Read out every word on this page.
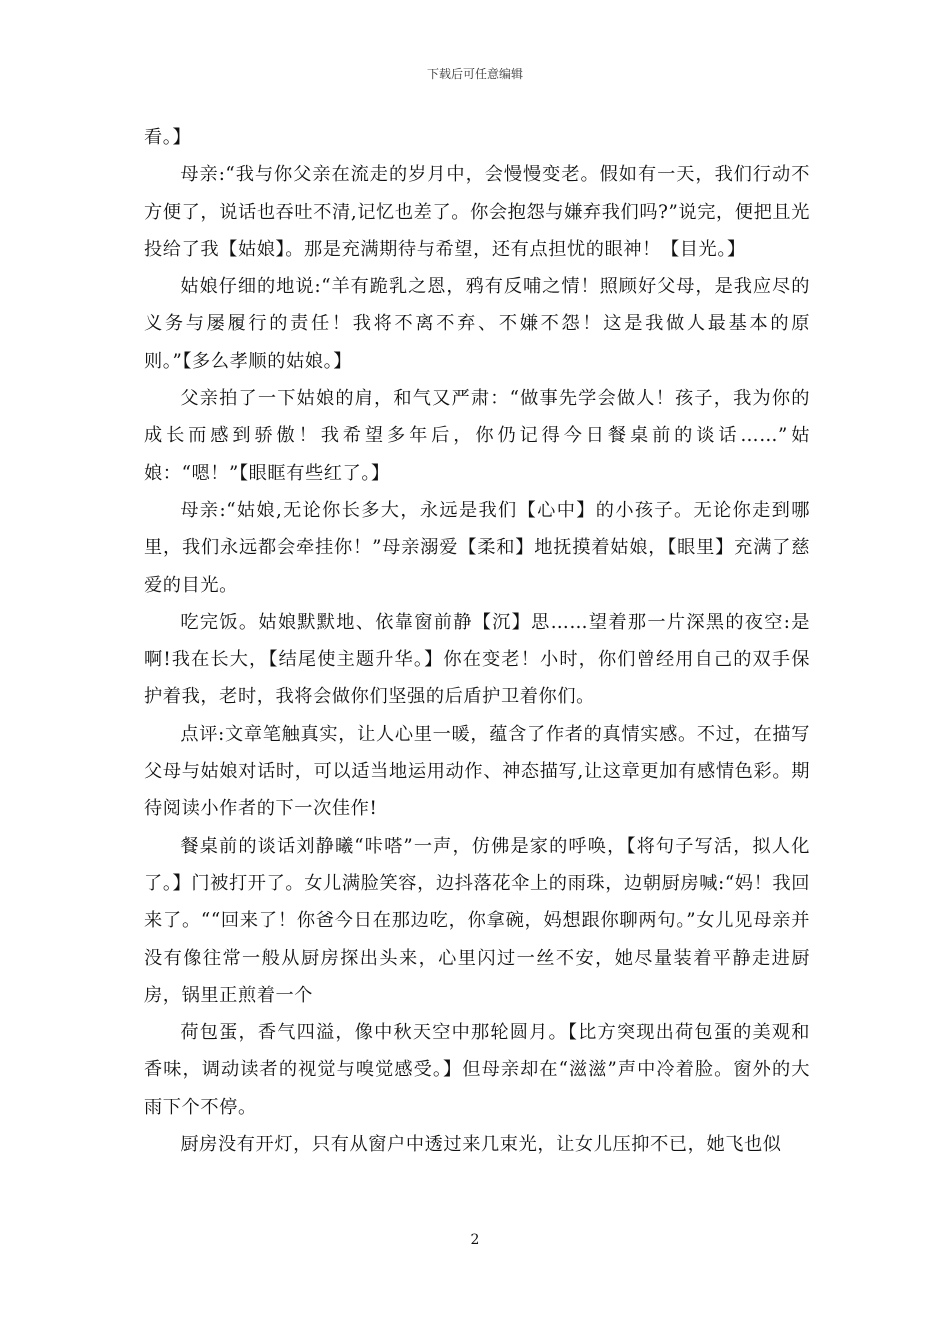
下载后可任意编辑

看。】

母亲:“我与你父亲在流走的岁月中，会慢慢变老。假如有一天，我们行动不方便了，说话也吞吐不清,记忆也差了。你会抱怨与嫌弃我们吗?”说完，便把且光投给了我【姑娘】。那是充满期待与希望，还有点担忧的眼神！【目光。】

姑娘仔细的地说:“羊有跪乳之恩，鸦有反哺之情！照顾好父母，是我应尽的义务与屡履行的责任！我将不离不弃、不嫌不怨！这是我做人最基本的原则。”【多么孝顺的姑娘。】

父亲拍了一下姑娘的肩，和气又严肃：“做事先学会做人！孩子，我为你的成长而感到骄傲！我希望多年后，你仍记得今日餐桌前的谈话……”姑娘：“嗯！”【眼眶有些红了。】

母亲:“姑娘,无论你长多大，永远是我们【心中】的小孩子。无论你走到哪里，我们永远都会牵挂你！”母亲溺爱【柔和】地抚摸着姑娘，【眼里】充满了慈爱的目光。

吃完饭。姑娘默默地、依靠窗前静【沉】思……望着那一片深黑的夜空:是啊!我在长大，【结尾使主题升华。】你在变老！小时，你们曾经用自己的双手保护着我，老时，我将会做你们坚强的后盾护卫着你们。

点评:文章笔触真实，让人心里一暖，蕴含了作者的真情实感。不过，在描写父母与姑娘对话时，可以适当地运用动作、神态描写,让这章更加有感情色彩。期待阅读小作者的下一次佳作!

餐桌前的谈话刘静曦“咔嗒”一声，仿佛是家的呼唤，【将句子写活，拟人化了。】门被打开了。女儿满脸笑容，边抖落花伞上的雨珠，边朝厨房喊:“妈！我回来了。““回来了！你爸今日在那边吃，你拿碗，妈想跟你聊两句。”女儿见母亲并没有像往常一般从厨房探出头来，心里闪过一丝不安，她尽量装着平静走进厨房，锅里正煎着一个

荷包蛋，香气四溢，像中秋天空中那轮圆月。【比方突现出荷包蛋的美观和香味，调动读者的视觉与嗅觉感受。】但母亲却在“滋滋”声中冷着脸。窗外的大雨下个不停。

厨房没有开灯，只有从窗户中透过来几束光，让女儿压抑不已，她飞也似

2
